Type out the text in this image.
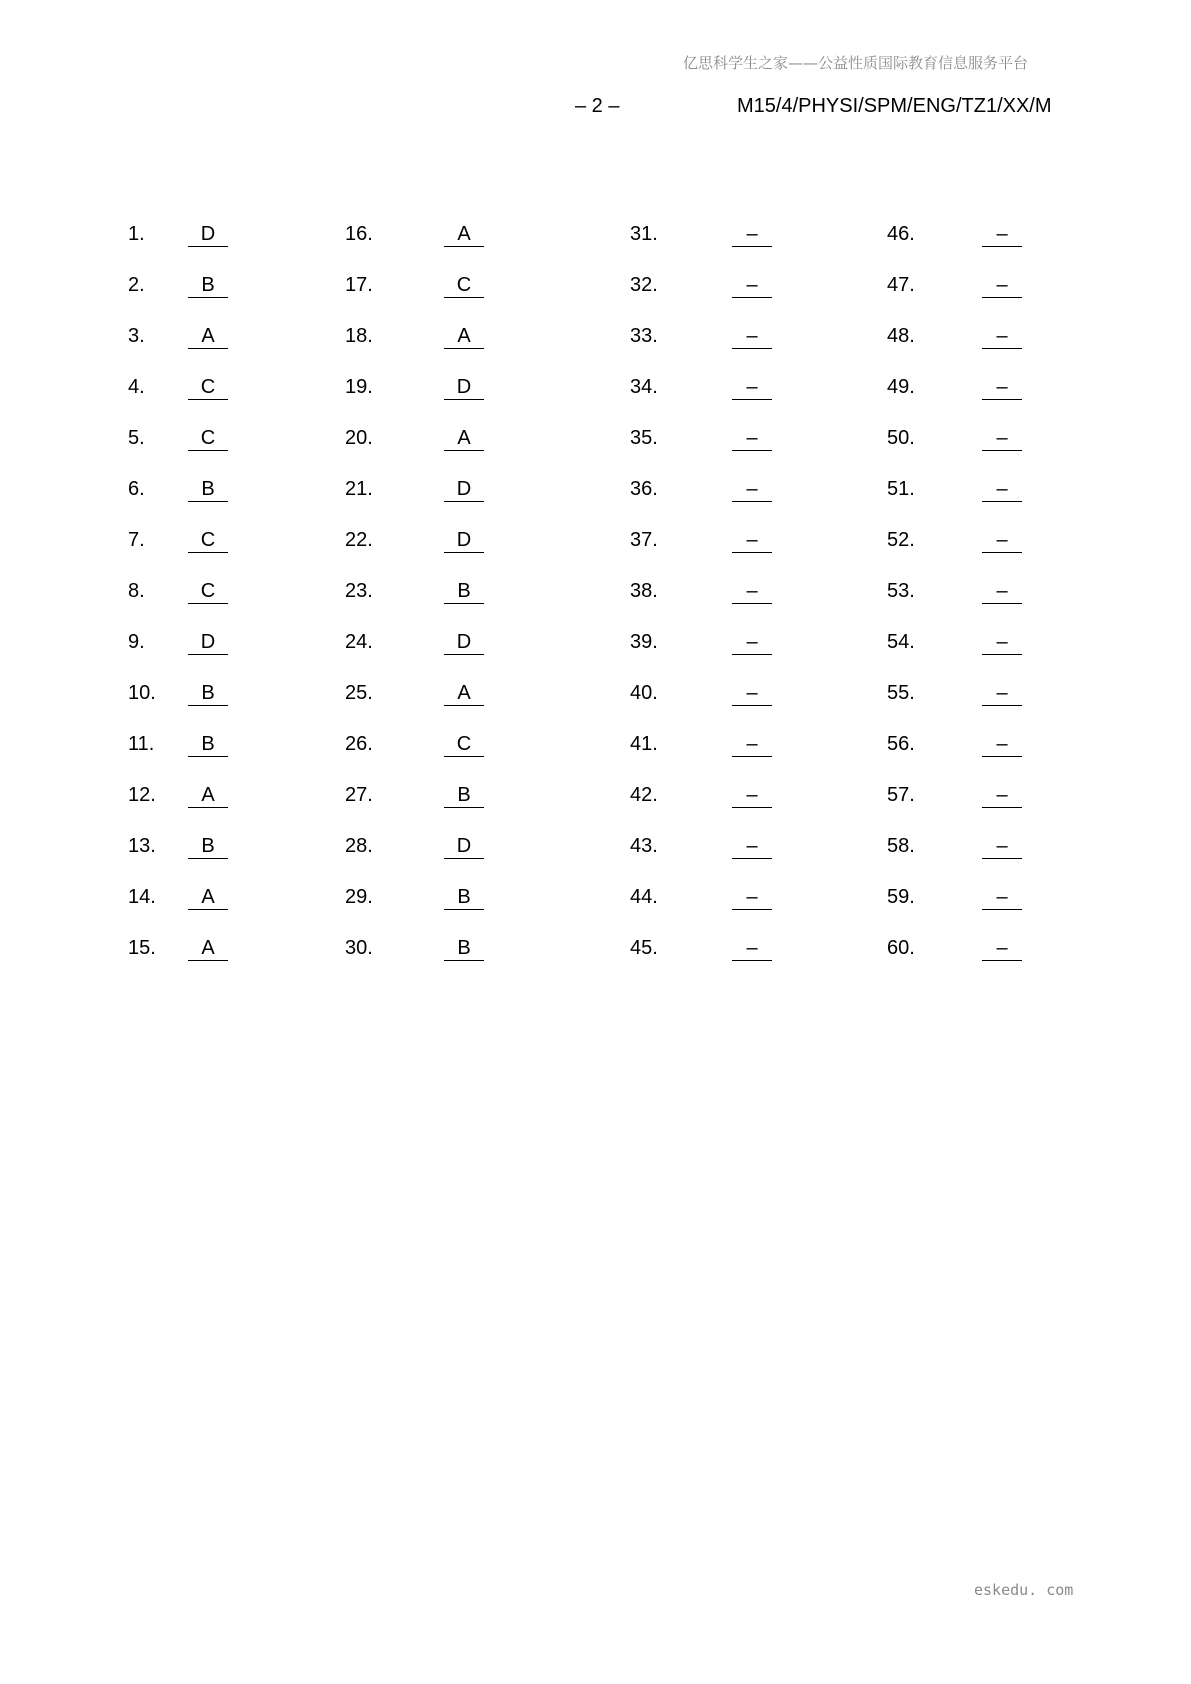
亿思科学生之家——公益性质国际教育信息服务平台
– 2 –	M15/4/PHYSI/SPM/ENG/TZ1/XX/M
1.	D
2.	B
3.	A
4.	C
5.	C
6.	B
7.	C
8.	C
9.	D
10.	B
11.	B
12.	A
13.	B
14.	A
15.	A
16.	A
17.	C
18.	A
19.	D
20.	A
21.	D
22.	D
23.	B
24.	D
25.	A
26.	C
27.	B
28.	D
29.	B
30.	B
31.	–
32.	–
33.	–
34.	–
35.	–
36.	–
37.	–
38.	–
39.	–
40.	–
41.	–
42.	–
43.	–
44.	–
45.	–
46.	–
47.	–
48.	–
49.	–
50.	–
51.	–
52.	–
53.	–
54.	–
55.	–
56.	–
57.	–
58.	–
59.	–
60.	–
eskedu. com
